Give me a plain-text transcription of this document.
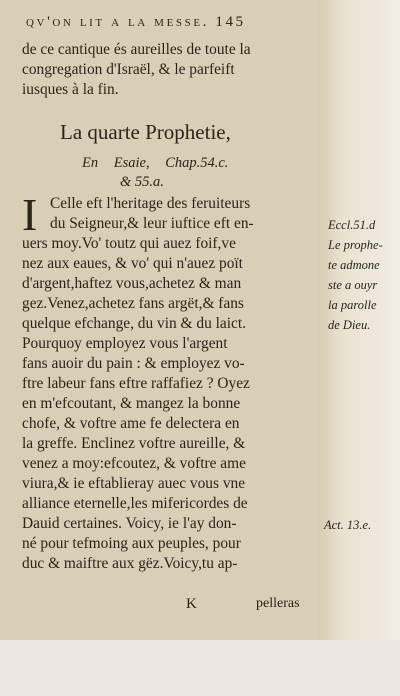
qv'on lit a la messe. 145
de ce cantique és aureilles de toute la
congregation d'Israël, & le parfeift
iusques à la fin.
La quarte Prophetie,
En Esaie, Chap.54.c.
& 55.a.
I Celle eft l'heritage des feruiteurs
du Seigneur,& leur iuftice eft en-
uers moy.Vo' toutz qui auez foif,ve
nez aux eaues, & vo' qui n'auez poït
d'argent,haftez vous,achetez & man
gez.Venez,achetez fans argët,& fans
quelque efchange, du vin & du laict.
Pourquoy employez vous l'argent
fans auoir du pain : & employez vo-
ftre labeur fans eftre raffafiez ? Oyez
en m'efcoutant, & mangez la bonne
chofe, & voftre ame fe delectera en
la greffe. Enclinez voftre aureille, &
venez a moy:efcoutez, & voftre ame
viura,& ie eftablieray auec vous vne
alliance eternelle,les mifericordes de
Dauid certaines. Voicy, ie l'ay don-
né pour tefmoing aux peuples, pour
duc & maiftre aux gëz.Voicy,tu ap-
Eccl.51.d
Le prophe-
te admone
ste a ouyr
la parolle
de Dieu.
Act. 13.e.
K	pelleras
